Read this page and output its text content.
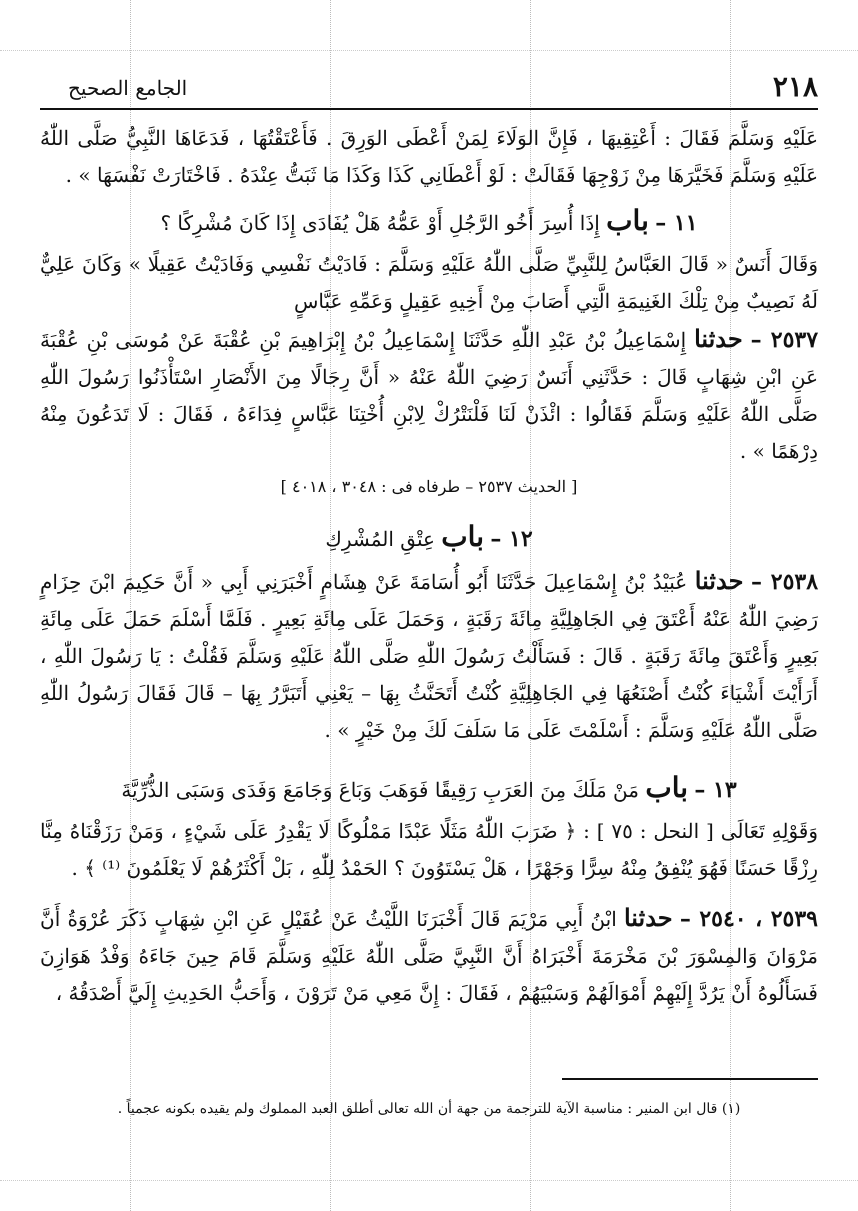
٢١٨
الجامع الصحيح

عَلَيْهِ وَسَلَّمَ فَقَالَ : أَعْتِقِيهَا ، فَإِنَّ الوَلَاءَ لِمَنْ أَعْطَى الوَرِقَ . فَأَعْتَقْتُهَا ، فَدَعَاهَا النَّبِيُّ صَلَّى اللّٰهُ عَلَيْهِ وَسَلَّمَ فَخَيَّرَهَا مِنْ زَوْجِهَا فَقَالَتْ : لَوْ أَعْطَانِي كَذَا وَكَذَا مَا ثَبَتُّ عِنْدَهُ . فَاخْتَارَتْ نَفْسَهَا » .

١١ – باب إِذَا أُسِرَ أَخُو الرَّجُلِ أَوْ عَمُّهُ هَلْ يُفَادَى إِذَا كَانَ مُشْرِكًا ؟

وَقَالَ أَنَسٌ « قَالَ العَبَّاسُ لِلنَّبِيِّ صَلَّى اللّٰهُ عَلَيْهِ وَسَلَّمَ : فَادَيْتُ نَفْسِي وَفَادَيْتُ عَقِيلًا » وَكَانَ عَلِيٌّ لَهُ نَصِيبٌ مِنْ تِلْكَ الغَنِيمَةِ الَّتِي أَصَابَ مِنْ أَخِيهِ عَقِيلٍ وَعَمِّهِ عَبَّاسٍ

٢٥٣٧ – حدثنا إِسْمَاعِيلُ بْنُ عَبْدِ اللّٰهِ حَدَّثَنَا إِسْمَاعِيلُ بْنُ إِبْرَاهِيمَ بْنِ عُقْبَةَ عَنْ مُوسَى بْنِ عُقْبَةَ عَنِ ابْنِ شِهَابٍ قَالَ : حَدَّثَنِي أَنَسٌ رَضِيَ اللّٰهُ عَنْهُ « أَنَّ رِجَالًا مِنَ الأَنْصَارِ اسْتَأْذَنُوا رَسُولَ اللّٰهِ صَلَّى اللّٰهُ عَلَيْهِ وَسَلَّمَ فَقَالُوا : ائْذَنْ لَنَا فَلْنَتْرُكْ لِابْنِ أُخْتِنَا عَبَّاسٍ فِدَاءَهُ ، فَقَالَ : لَا تَدَعُونَ مِنْهُ دِرْهَمًا » .

[ الحديث ٢٥٣٧ – طرفاه فى : ٣٠٤٨ ، ٤٠١٨ ]
١٢ – باب عِتْقِ المُشْرِكِ

٢٥٣٨ – حدثنا عُبَيْدُ بْنُ إِسْمَاعِيلَ حَدَّثَنَا أَبُو أُسَامَةَ عَنْ هِشَامٍ أَخْبَرَنِي أَبِي « أَنَّ حَكِيمَ ابْنَ حِزَامٍ رَضِيَ اللّٰهُ عَنْهُ أَعْتَقَ فِي الجَاهِلِيَّةِ مِائَةَ رَقَبَةٍ ، وَحَمَلَ عَلَى مِائَةِ بَعِيرٍ . فَلَمَّا أَسْلَمَ حَمَلَ عَلَى مِائَةِ بَعِيرٍ وَأَعْتَقَ مِائَةَ رَقَبَةٍ . قَالَ : فَسَأَلْتُ رَسُولَ اللّٰهِ صَلَّى اللّٰهُ عَلَيْهِ وَسَلَّمَ فَقُلْتُ : يَا رَسُولَ اللّٰهِ ، أَرَأَيْتَ أَشْيَاءَ كُنْتُ أَصْنَعُهَا فِي الجَاهِلِيَّةِ كُنْتُ أَتَحَنَّثُ بِهَا – يَعْنِي أَتَبَرَّرُ بِهَا – قَالَ فَقَالَ رَسُولُ اللّٰهِ صَلَّى اللّٰهُ عَلَيْهِ وَسَلَّمَ : أَسْلَمْتَ عَلَى مَا سَلَفَ لَكَ مِنْ خَيْرٍ » .

١٣ – باب مَنْ مَلَكَ مِنَ العَرَبِ رَقِيقًا فَوَهَبَ وَبَاعَ وَجَامَعَ وَفَدَى وَسَبَى الذُّرِّيَّةَ

وَقَوْلِهِ تَعَالَى [ النحل : ٧٥ ] : ﴿ ضَرَبَ اللّٰهُ مَثَلًا عَبْدًا مَمْلُوكًا لَا يَقْدِرُ عَلَى شَيْءٍ ، وَمَنْ رَزَقْنَاهُ مِنَّا رِزْقًا حَسَنًا فَهُوَ يُنْفِقُ مِنْهُ سِرًّا وَجَهْرًا ، هَلْ يَسْتَوُونَ ؟ الحَمْدُ لِلّٰهِ ، بَلْ أَكْثَرُهُمْ لَا يَعْلَمُونَ ⁽¹⁾ ﴾ .

٢٥٣٩ ، ٢٥٤٠ – حدثنا ابْنُ أَبِي مَرْيَمَ قَالَ أَخْبَرَنَا اللَّيْثُ عَنْ عُقَيْلٍ عَنِ ابْنِ شِهَابٍ ذَكَرَ عُرْوَةُ أَنَّ مَرْوَانَ وَالمِسْوَرَ بْنَ مَخْرَمَةَ أَخْبَرَاهُ أَنَّ النَّبِيَّ صَلَّى اللّٰهُ عَلَيْهِ وَسَلَّمَ قَامَ حِينَ جَاءَهُ وَفْدُ هَوَازِنَ فَسَأَلُوهُ أَنْ يَرُدَّ إِلَيْهِمْ أَمْوَالَهُمْ وَسَبْيَهُمْ ، فَقَالَ : إِنَّ مَعِي مَنْ تَرَوْنَ ، وَأَحَبُّ الحَدِيثِ إِلَيَّ أَصْدَقُهُ ،

(١) قال ابن المنير : مناسبة الآية للترجمة من جهة أن الله تعالى أطلق العبد المملوك ولم يقيده بكونه عجمياً .
